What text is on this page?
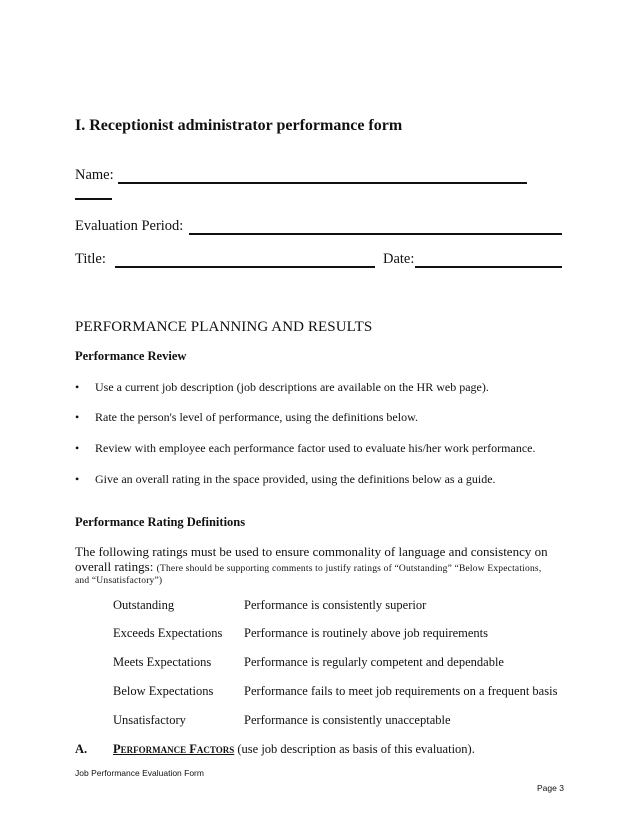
I. Receptionist administrator performance form
Name:
Evaluation Period:
Title:	Date:
PERFORMANCE PLANNING AND RESULTS
Performance Review
• Use a current job description (job descriptions are available on the HR web page).
• Rate the person's level of performance, using the definitions below.
• Review with employee each performance factor used to evaluate his/her work performance.
• Give an overall rating in the space provided, using the definitions below as a guide.
Performance Rating Definitions
The following ratings must be used to ensure commonality of language and consistency on
overall ratings: (There should be supporting comments to justify ratings of “Outstanding” “Below Expectations,
and “Unsatisfactory”)
Outstanding	Performance is consistently superior
Exceeds Expectations Performance is routinely above job requirements
Meets Expectations	Performance is regularly competent and dependable
Below Expectations Performance fails to meet job requirements on a frequent basis
Unsatisfactory	Performance is consistently unacceptable
A. Performance Factors (use job description as basis of this evaluation).
Job Performance Evaluation Form
Page 3
